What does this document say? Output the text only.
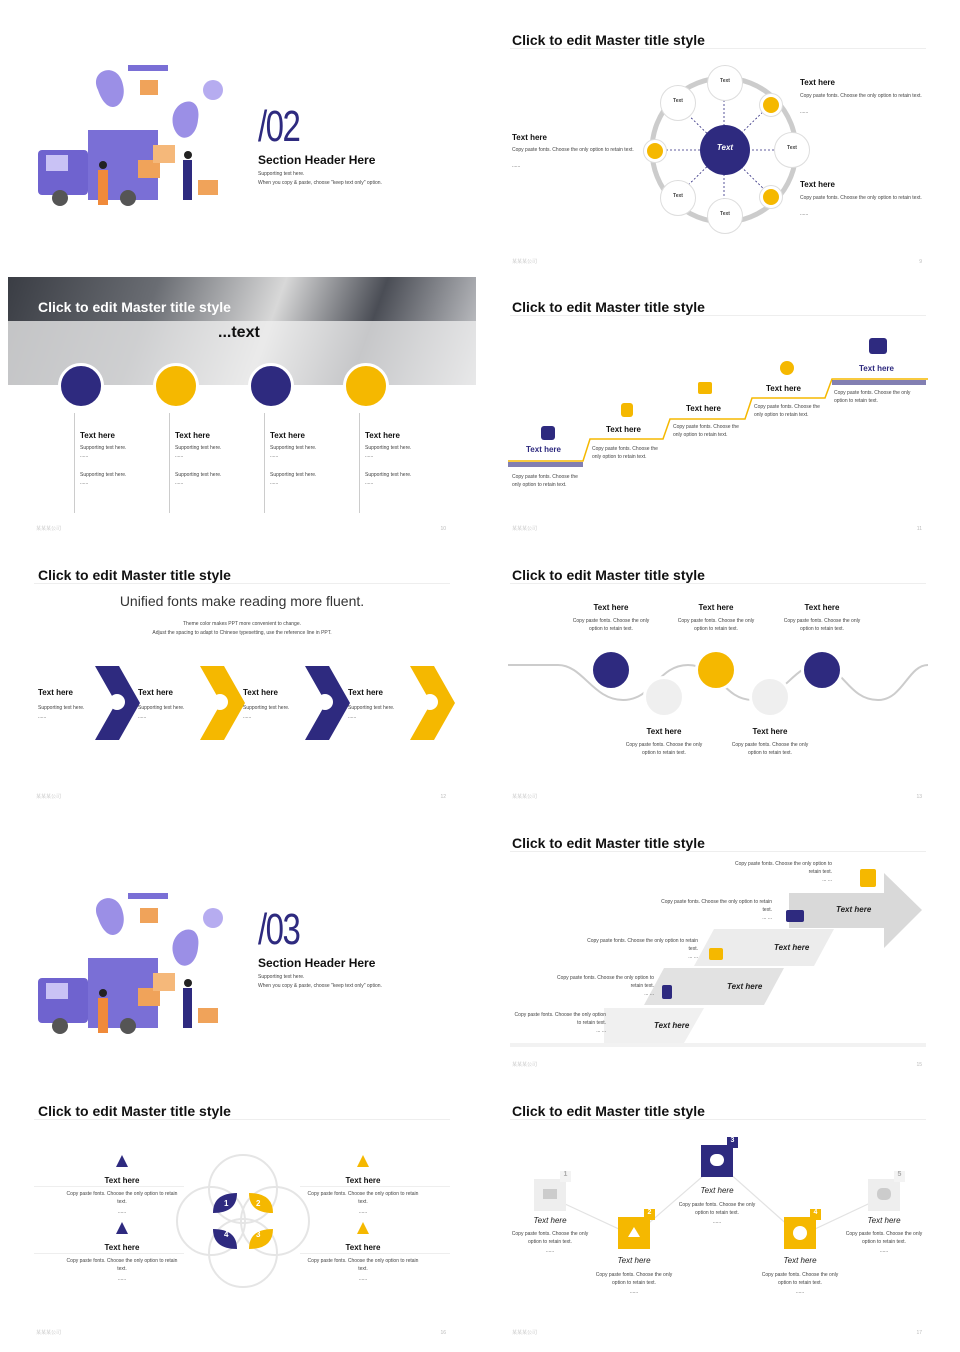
/02
Section Header Here
Supporting text here.
When you copy & paste, choose "keep text only" option.
Click to edit Master title style
Text
Text
Text
Text
Text
Text
Text here
Copy paste fonts. Choose the only option to retain text.
......
Text here
Copy paste fonts. Choose the only option to retain text.
......
Text here
Copy paste fonts. Choose the only option to retain text.
......
某某某公司	9
Click to edit Master title style
...text
Text here
Supporting text here.
......
Supporting text here.
......
Text here
Supporting text here.
......
Supporting text here.
......
Text here
Supporting text here.
......
Supporting text here.
......
Text here
Supporting text here.
......
Supporting text here.
......
某某某公司	10
Click to edit Master title style
Text here
Copy paste fonts. Choose the only option to retain text.
Text here
Copy paste fonts. Choose the only option to retain text.
Text here
Copy paste fonts. Choose the only option to retain text.
Text here
Copy paste fonts. Choose the only option to retain text.
Text here
Copy paste fonts. Choose the only option to retain text.
某某某公司	11
Click to edit Master title style
Unified fonts make reading more fluent.
Theme color makes PPT more convenient to change.
Adjust the spacing to adapt to Chinese typesetting, use the reference line in PPT.
Text here
Supporting text here.
......
Text here
Supporting text here.
......
Text here
Supporting text here.
......
Text here
Supporting text here.
......
某某某公司	12
Click to edit Master title style
Text here
Copy paste fonts. Choose the only option to retain text.
Text here
Copy paste fonts. Choose the only option to retain text.
Text here
Copy paste fonts. Choose the only option to retain text.
Text here
Copy paste fonts. Choose the only option to retain text.
Text here
Copy paste fonts. Choose the only option to retain text.
某某某公司	13
/03
Section Header Here
Supporting text here.
When you copy & paste, choose "keep text only" option.
Click to edit Master title style
Text here
Text here
Text here
Text here
Copy paste fonts. Choose the only option to retain text.
... ...
Copy paste fonts. Choose the only option to retain text.
... ...
Copy paste fonts. Choose the only option to retain text.
... ...
Copy paste fonts. Choose the only option to retain text.
... ...
Copy paste fonts. Choose the only option to retain text.
... ...
某某某公司	15
Click to edit Master title style
1	2
3
4
Text here
Copy paste fonts. Choose the only option to retain text.
......
Text here
Copy paste fonts. Choose the only option to retain text.
......
Text here
Copy paste fonts. Choose the only option to retain text.
......
Text here
Copy paste fonts. Choose the only option to retain text.
......
某某某公司	16
Click to edit Master title style
1
2
3
4
5
Text here
Copy paste fonts. Choose the only option to retain text.
......
Text here
Copy paste fonts. Choose the only option to retain text.
......
Text here
Copy paste fonts. Choose the only option to retain text.
......
Text here
Copy paste fonts. Choose the only option to retain text.
......
Text here
Copy paste fonts. Choose the only option to retain text.
......
某某某公司	17
